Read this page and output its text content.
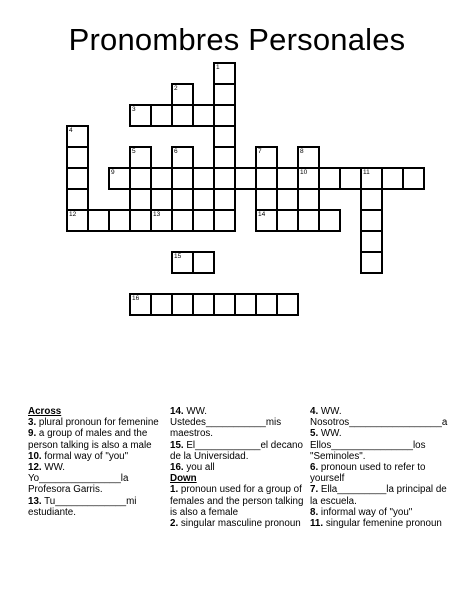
Pronombres Personales
1
2
3
4
12
5	6	7	8
9	10	11
13	14
15
16
Across

3. plural pronoun for femenine

9. a group of males and the person talking is also a male

10. formal way of "you"

12. WW. Yo_______________la Profesora Garris.

13. Tu_____________mi estudiante.

14. WW. Ustedes___________mis maestros.

15. El____________el decano de la Universidad.

16. you all

Down

1. pronoun used for a group of females and the person talking is also a female

2. singular masculine pronoun

4. WW. Nosotros_________________a

5. WW. Ellos_______________los "Seminoles".

6. pronoun used to refer to yourself

7. Ella_________la principal de la escuela.

8. informal way of "you"

11. singular femenine pronoun
